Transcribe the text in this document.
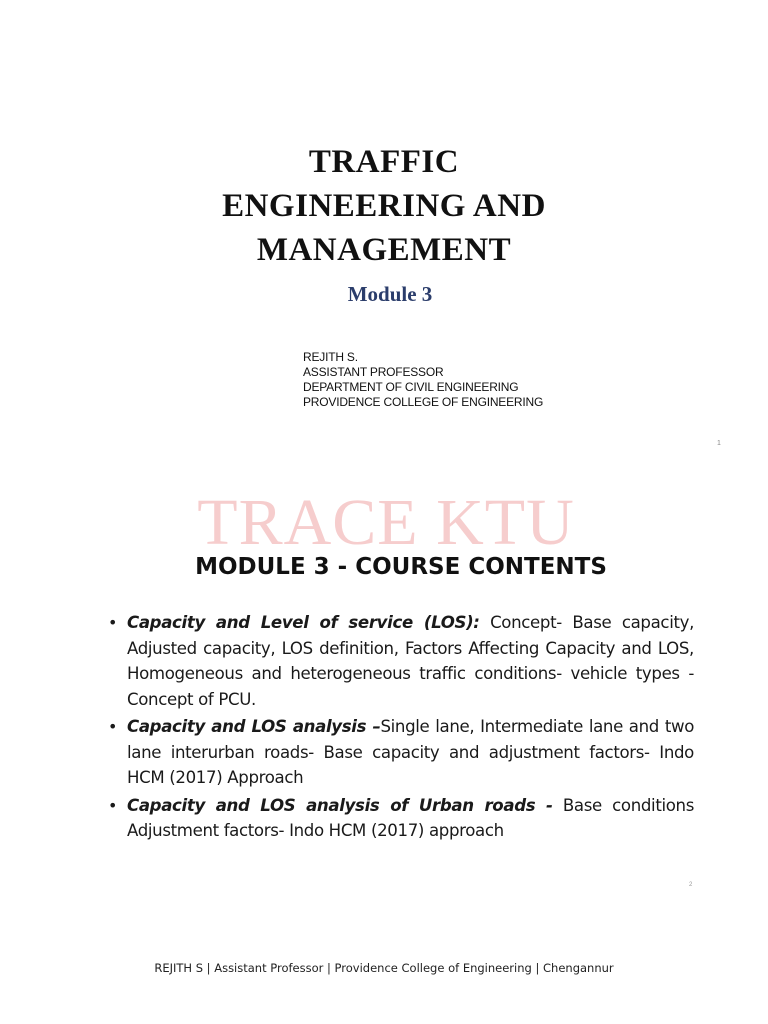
TRAFFIC
ENGINEERING AND
MANAGEMENT
Module 3
REJITH S.
ASSISTANT PROFESSOR
DEPARTMENT OF CIVIL ENGINEERING
PROVIDENCE COLLEGE OF ENGINEERING
1
TRACE KTU
MODULE 3 - COURSE CONTENTS
• Capacity and Level of service (LOS): Concept- Base capacity, Adjusted capacity, LOS definition, Factors Affecting Capacity and LOS, Homogeneous and heterogeneous traffic conditions- vehicle types - Concept of PCU.
• Capacity and LOS analysis –Single lane, Intermediate lane and two lane interurban roads- Base capacity and adjustment factors- Indo HCM (2017) Approach
• Capacity and LOS analysis of Urban roads - Base conditions Adjustment factors- Indo HCM (2017) approach
2
REJITH S | Assistant Professor | Providence College of Engineering | Chengannur
